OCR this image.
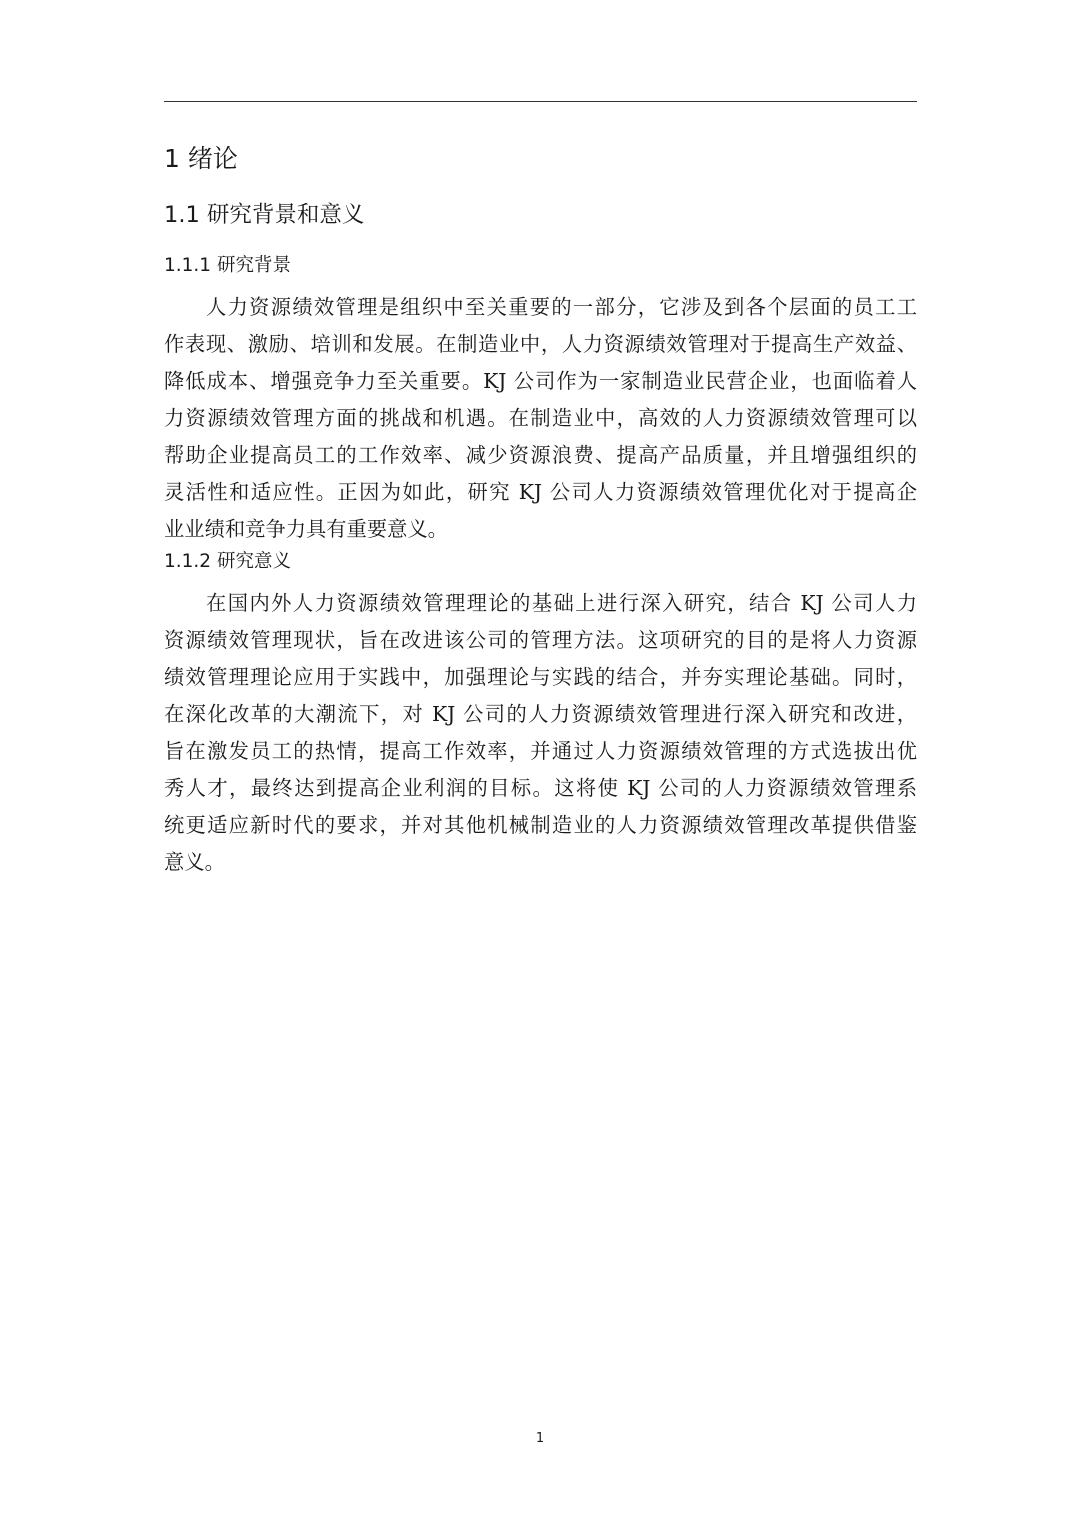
1 绪论
1.1 研究背景和意义
1.1.1 研究背景
人力资源绩效管理是组织中至关重要的一部分，它涉及到各个层面的员工工
作表现、激励、培训和发展。在制造业中，人力资源绩效管理对于提高生产效益、
降低成本、增强竞争力至关重要。KJ 公司作为一家制造业民营企业，也面临着人
力资源绩效管理方面的挑战和机遇。在制造业中，高效的人力资源绩效管理可以
帮助企业提高员工的工作效率、减少资源浪费、提高产品质量，并且增强组织的
灵活性和适应性。正因为如此，研究 KJ 公司人力资源绩效管理优化对于提高企
业业绩和竞争力具有重要意义。
1.1.2 研究意义
在国内外人力资源绩效管理理论的基础上进行深入研究，结合 KJ 公司人力
资源绩效管理现状，旨在改进该公司的管理方法。这项研究的目的是将人力资源
绩效管理理论应用于实践中，加强理论与实践的结合，并夯实理论基础。同时，
在深化改革的大潮流下，对 KJ 公司的人力资源绩效管理进行深入研究和改进，
旨在激发员工的热情，提高工作效率，并通过人力资源绩效管理的方式选拔出优
秀人才，最终达到提高企业利润的目标。这将使 KJ 公司的人力资源绩效管理系
统更适应新时代的要求，并对其他机械制造业的人力资源绩效管理改革提供借鉴
意义。
1
